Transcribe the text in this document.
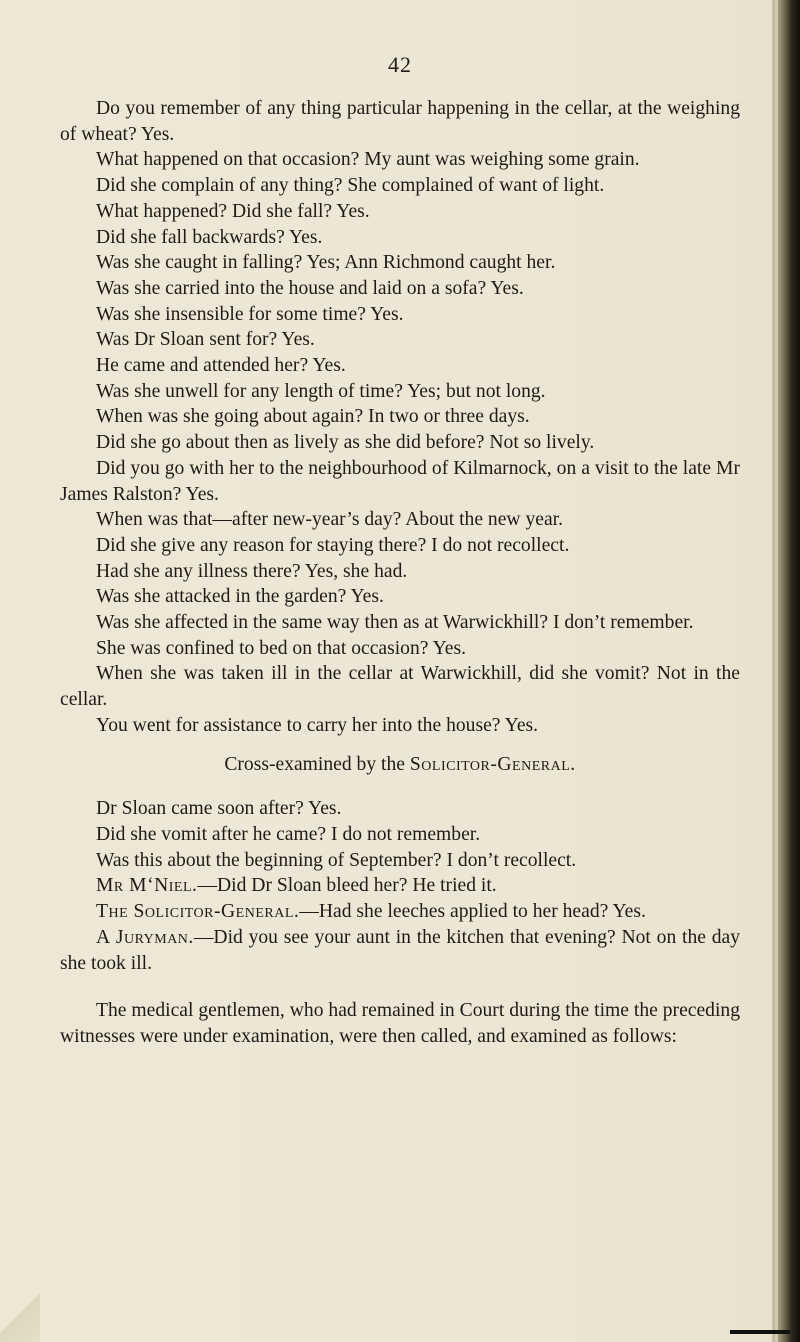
42

Do you remember of any thing particular happening in the cellar, at the weighing of wheat? Yes.

What happened on that occasion? My aunt was weighing some grain.

Did she complain of any thing? She complained of want of light.

What happened? Did she fall? Yes.

Did she fall backwards? Yes.

Was she caught in falling? Yes; Ann Richmond caught her.

Was she carried into the house and laid on a sofa? Yes.

Was she insensible for some time? Yes.

Was Dr Sloan sent for? Yes.

He came and attended her? Yes.

Was she unwell for any length of time? Yes; but not long.

When was she going about again? In two or three days.

Did she go about then as lively as she did before? Not so lively.

Did you go with her to the neighbourhood of Kilmarnock, on a visit to the late Mr James Ralston? Yes.

When was that—after new-year’s day? About the new year.

Did she give any reason for staying there? I do not recollect.

Had she any illness there? Yes, she had.

Was she attacked in the garden? Yes.

Was she affected in the same way then as at Warwickhill? I don’t remember.

She was confined to bed on that occasion? Yes.

When she was taken ill in the cellar at Warwickhill, did she vomit? Not in the cellar.

You went for assistance to carry her into the house? Yes.

Cross-examined by the Solicitor-General.

Dr Sloan came soon after? Yes.

Did she vomit after he came? I do not remember.

Was this about the beginning of September? I don’t recollect.

Mr M‘Niel.—Did Dr Sloan bleed her? He tried it.

The Solicitor-General.—Had she leeches applied to her head? Yes.

A Juryman.—Did you see your aunt in the kitchen that evening? Not on the day she took ill.

The medical gentlemen, who had remained in Court during the time the preceding witnesses were under examination, were then called, and examined as follows:
